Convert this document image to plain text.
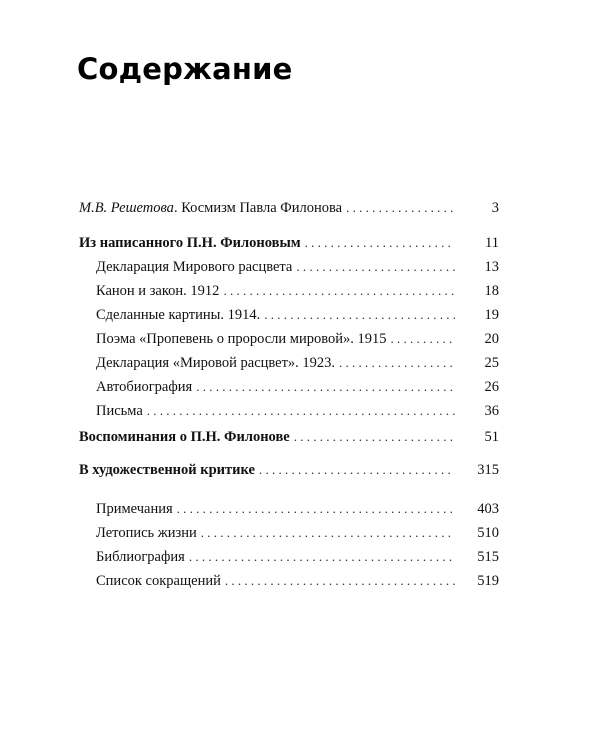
Содержание
М.В. Решетова. Космизм Павла Филонова . . .	3
Из написанного П.Н. Филоновым . . .	11
Декларация Мирового расцвета . . .	13
Канон и закон. 1912 . . .	18
Сделанные картины. 1914. . . .	19
Поэма «Пропевень о проросли мировой». 1915 . . .	20
Декларация «Мировой расцвет». 1923. . . .	25
Автобиография . . .	26
Письма . . .	36
Воспоминания о П.Н. Филонове . . .	51
В художественной критике . . .	315
Примечания . . .	403
Летопись жизни . . .	510
Библиография . . .	515
Список сокращений . . .	519
